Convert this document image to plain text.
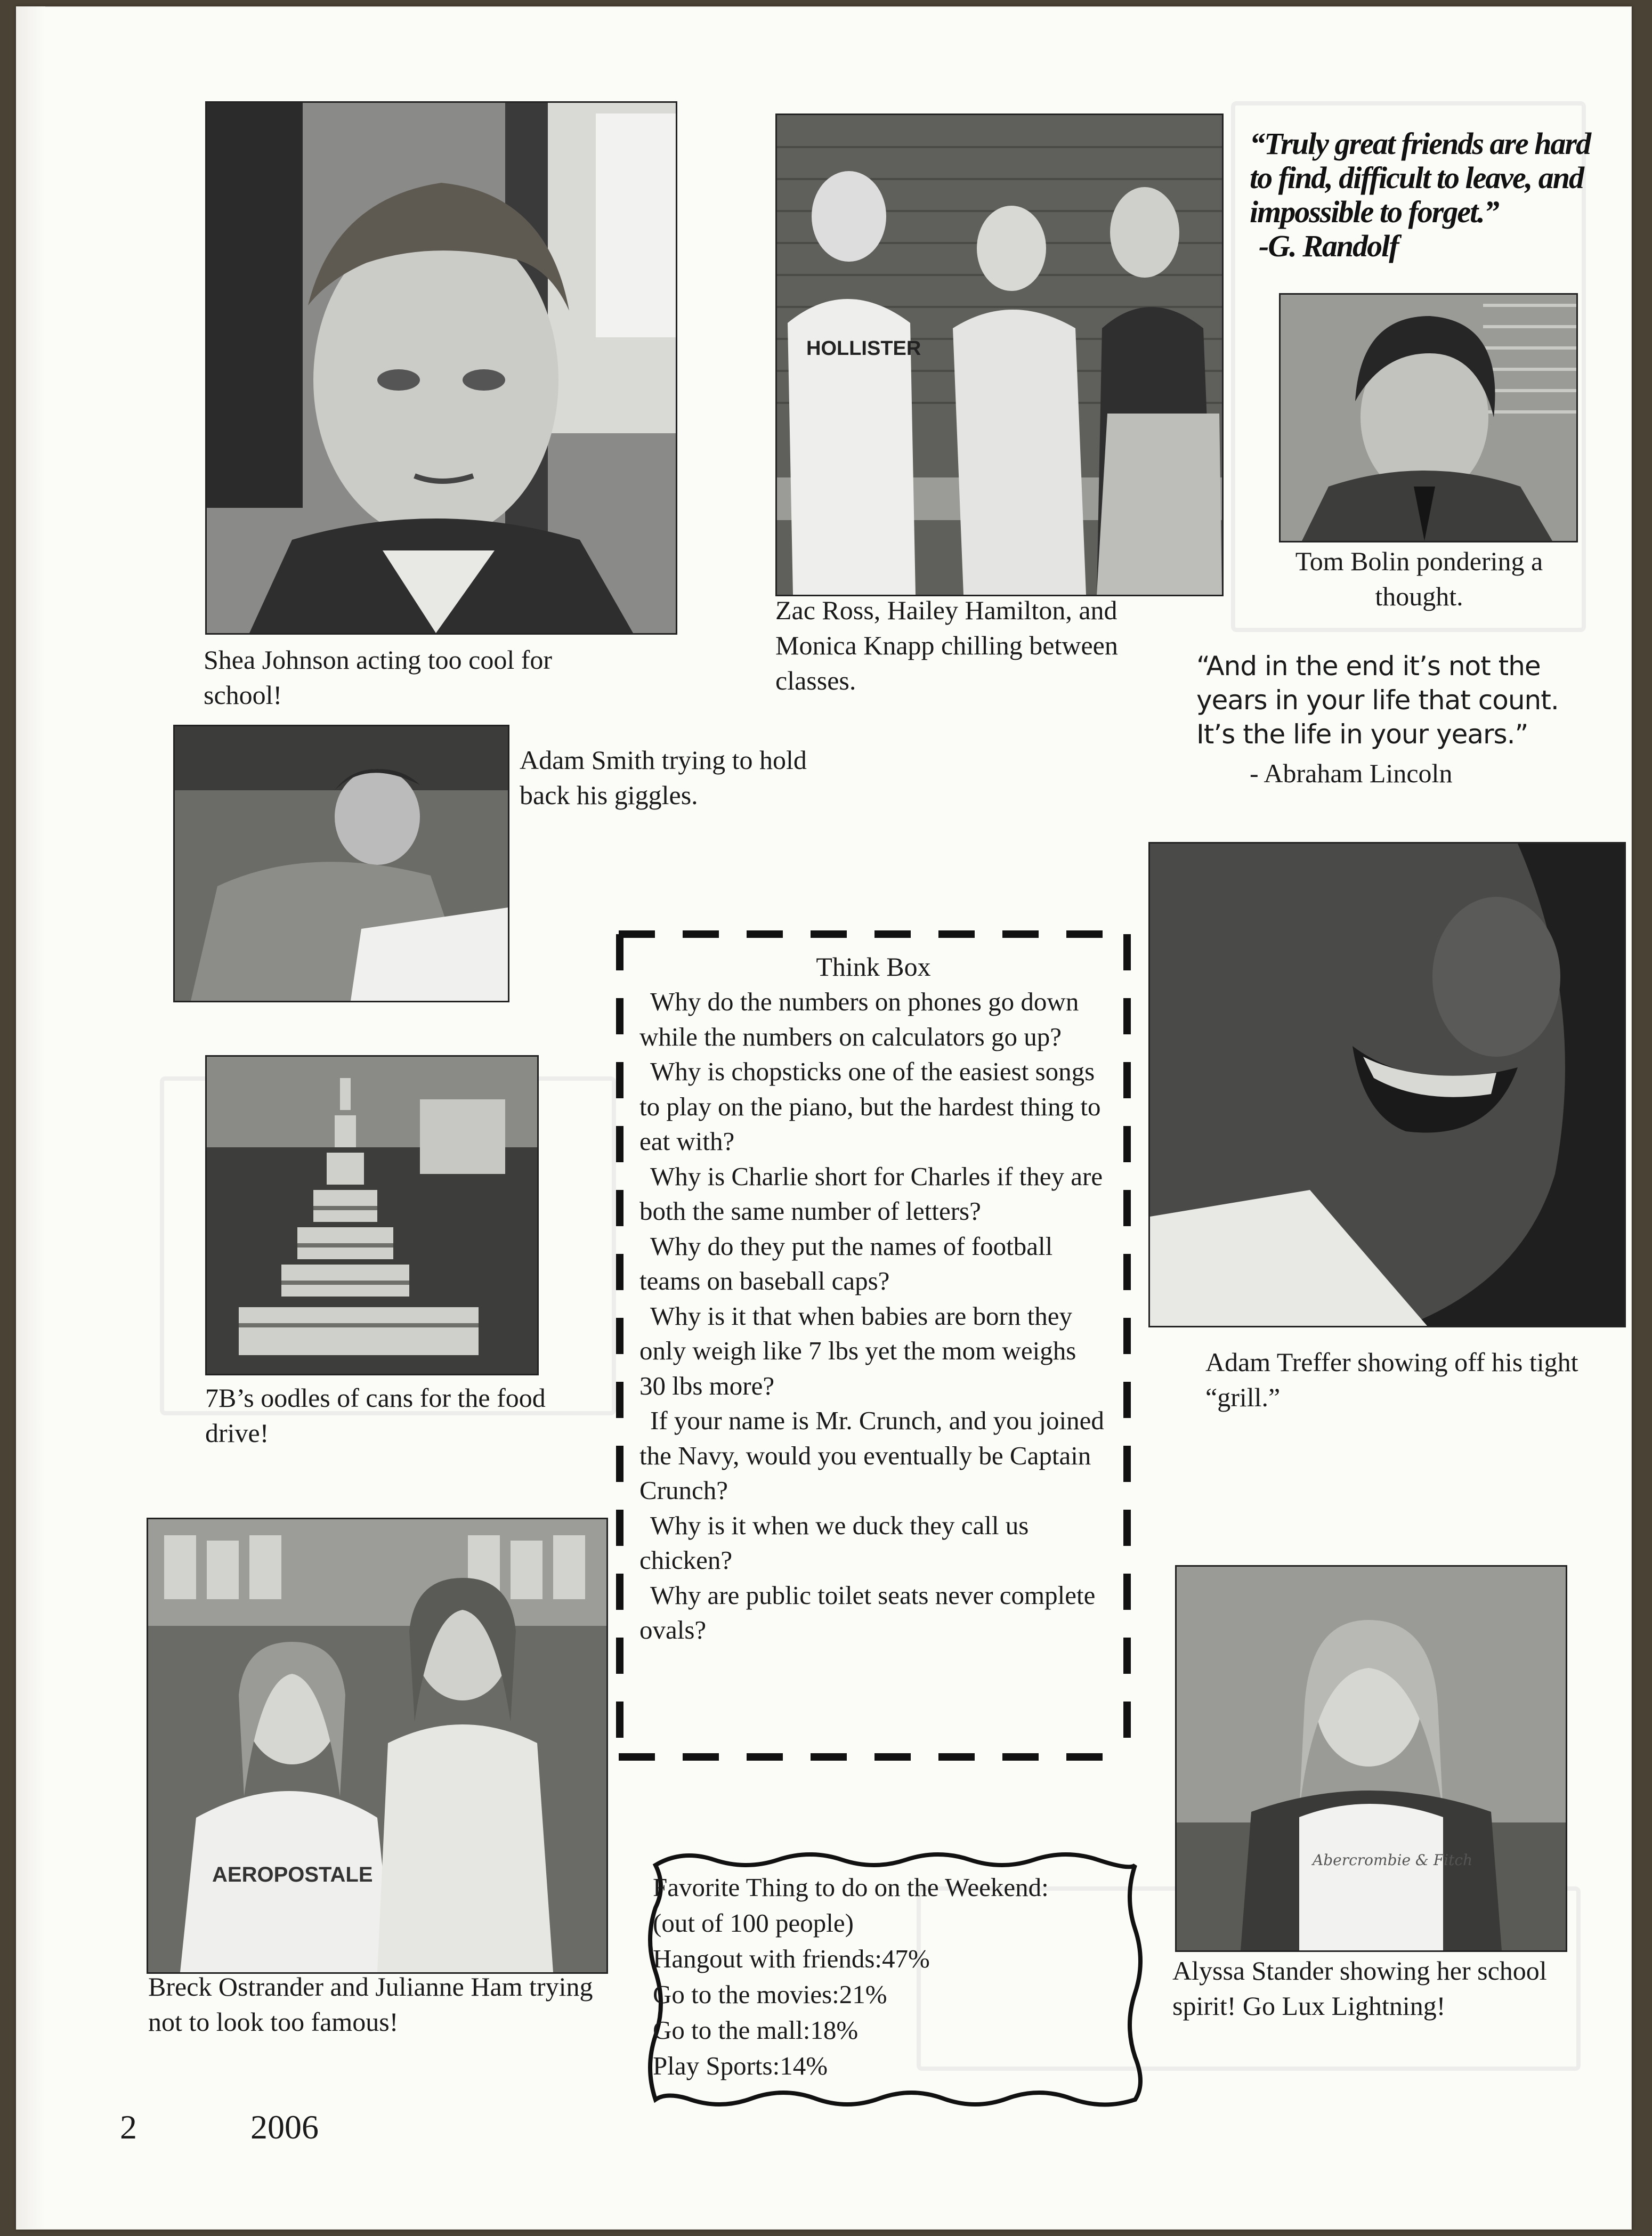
HOLLISTER
AEROPOSTALE
Abercrombie & Fitch
Shea Johnson acting too cool for school!
Zac Ross, Hailey Hamilton, and Monica Knapp chilling between classes.
Tom Bolin pondering a thought.
Adam Smith trying to hold back his giggles.
7B’s oodles of cans for the food drive!
Adam Treffer showing off his tight “grill.”
Breck Ostrander and Julianne Ham trying not to look too famous!
Alyssa Stander showing her school spirit! Go Lux Lightning!
“Truly great friends are hard to find, difficult to leave, and impossible to forget.”
-G. Randolf
“And in the end it’s not the years in your life that count. It’s the life in your years.”
- Abraham Lincoln
Think Box

Why do the numbers on phones go down while the numbers on calculators go up?

Why is chopsticks one of the easiest songs to play on the piano, but the hardest thing to eat with?

Why is Charlie short for Charles if they are both the same number of letters?

Why do they put the names of football teams on baseball caps?

Why is it that when babies are born they only weigh like 7 lbs yet the mom weighs 30 lbs more?

If your name is Mr. Crunch, and you joined the Navy, would you eventually be Captain Crunch?

Why is it when we duck they call us chicken?

Why are public toilet seats never complete ovals?

Favorite Thing to do on the Weekend:
(out of 100 people)
Hangout with friends:47%
Go to the movies:21%
Go to the mall:18%
Play Sports:14%
2	2006
